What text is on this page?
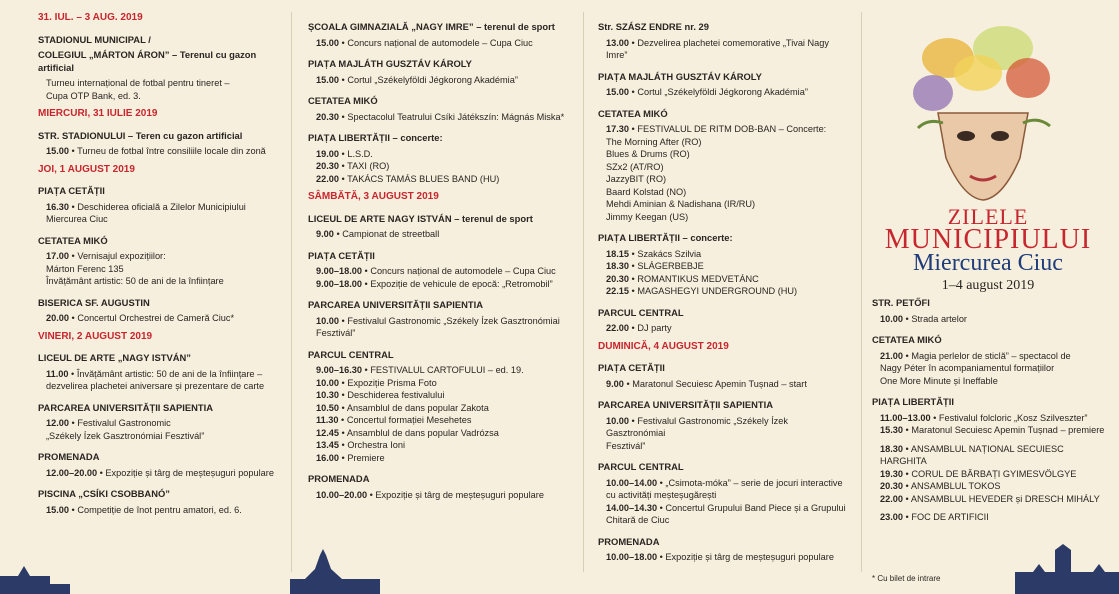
31. IUL. – 3 AUG. 2019
STADIONUL MUNICIPAL /
COLEGIUL „MÁRTON ÁRON” – Terenul cu gazon artificial
Turneu internațional de fotbal pentru tineret –
Cupa OTP Bank, ed. 3.
MIERCURI, 31 IULIE 2019
STR. STADIONULUI – Teren cu gazon artificial
15.00 • Turneu de fotbal între consiliile locale din zonă
JOI, 1 AUGUST 2019
PIAȚA CETĂȚII
16.30 • Deschiderea oficială a Zilelor Municipiului
Miercurea Ciuc
CETATEA MIKÓ
17.00 • Vernisajul expozițiilor:
Márton Ferenc 135
Învățământ artistic: 50 de ani de la înființare
BISERICA SF. AUGUSTIN
20.00 • Concertul Orchestrei de Cameră Ciuc*
VINERI, 2 AUGUST 2019
LICEUL DE ARTE „NAGY ISTVÁN”
11.00 • Învățământ artistic: 50 de ani de la înființare –
dezvelirea plachetei aniversare și prezentare de carte
PARCAREA UNIVERSITĂȚII SAPIENTIA
12.00 • Festivalul Gastronomic
„Székely Ízek Gasztronómiai Fesztivál”
PROMENADA
12.00–20.00 • Expoziție și târg de meșteșuguri populare
PISCINA „CSÍKI CSOBBANÓ”
15.00 • Competiție de înot pentru amatori, ed. 6.
ȘCOALA GIMNAZIALĂ „NAGY IMRE” – terenul de sport
15.00 • Concurs național de automodele – Cupa Ciuc
PIAȚA MAJLÁTH GUSZTÁV KÁROLY
15.00 • Cortul „Székelyföldi Jégkorong Akadémia”
CETATEA MIKÓ
20.30 • Spectacolul Teatrului Csíki Játékszín: Mágnás Miska*
PIAȚA LIBERTĂȚII – concerte:
19.00 • L.S.D.
20.30 • TAXI (RO)
22.00 • TAKÁCS TAMÁS BLUES BAND (HU)
SÂMBĂTĂ, 3 AUGUST 2019
LICEUL DE ARTE NAGY ISTVÁN – terenul de sport
9.00 • Campionat de streetball
PIAȚA CETĂȚII
9.00–18.00 • Concurs național de automodele – Cupa Ciuc
9.00–18.00 • Expoziție de vehicule de epocă: „Retromobil”
PARCAREA UNIVERSITĂȚII SAPIENTIA
10.00 • Festivalul Gastronomic „Székely Ízek Gasztronómiai
Fesztivál”
PARCUL CENTRAL
9.00–16.30 • FESTIVALUL CARTOFULUI – ed. 19.
10.00 • Expoziție Prisma Foto
10.30 • Deschiderea festivalului
10.50 • Ansamblul de dans popular Zakota
11.30 • Concertul formației Mesehetes
12.45 • Ansamblul de dans popular Vadrózsa
13.45 • Orchestra Ioni
16.00 • Premiere
PROMENADA
10.00–20.00 • Expoziție și târg de meșteșuguri populare
Str. SZÁSZ ENDRE nr. 29
13.00 • Dezvelirea plachetei comemorative „Tivai Nagy Imre”
PIAȚA MAJLÁTH GUSZTÁV KÁROLY
15.00 • Cortul „Székelyföldi Jégkorong Akadémia”
CETATEA MIKÓ
17.30 • FESTIVALUL DE RITM DOB-BAN – Concerte:
The Morning After (RO)
Blues & Drums (RO)
SZx2 (AT/RO)
JazzyBIT (RO)
Baard Kolstad (NO)
Mehdi Aminian & Nadishana (IR/RU)
Jimmy Keegan (US)
PIAȚA LIBERTĂȚII – concerte:
18.15 • Szakács Szilvia
18.30 • SLÁGERBEBJE
20.30 • ROMANTIKUS MEDVETÁNC
22.15 • MAGASHEGYI UNDERGROUND (HU)
PARCUL CENTRAL
22.00 • DJ party
DUMINICĂ, 4 AUGUST 2019
PIAȚA CETĂȚII
9.00 • Maratonul Secuiesc Apemin Tușnad – start
PARCAREA UNIVERSITĂȚII SAPIENTIA
10.00 • Festivalul Gastronomic „Székely Ízek Gasztronómiai
Fesztivál”
PARCUL CENTRAL
10.00–14.00 • „Csimota-móka” – serie de jocuri interactive
cu activități meșteșugărești
14.00–14.30 • Concertul Grupului Band Piece și a Grupului
Chitară de Ciuc
PROMENADA
10.00–18.00 • Expoziție și târg de meșteșuguri populare
ZILELE
MUNICIPIULUI
Miercurea Ciuc
1–4 august 2019
STR. PETŐFI
10.00 • Strada artelor
CETATEA MIKÓ
21.00 • Magia perlelor de sticlă” – spectacol de
Nagy Péter în acompaniamentul formațiilor
One More Minute și Ineffable
PIAȚA LIBERTĂȚII
11.00–13.00 • Festivalul folcloric „Kosz Szilveszter”
15.30 • Maratonul Secuiesc Apemin Tușnad – premiere
18.30 • ANSAMBLUL NAȚIONAL SECUIESC HARGHITA
19.30 • CORUL DE BĂRBAȚI GYIMESVÖLGYE
20.30 • ANSAMBLUL TOKOS
22.00 • ANSAMBLUL HEVEDER și DRESCH MIHÁLY
23.00 • FOC DE ARTIFICII
* Cu bilet de intrare
